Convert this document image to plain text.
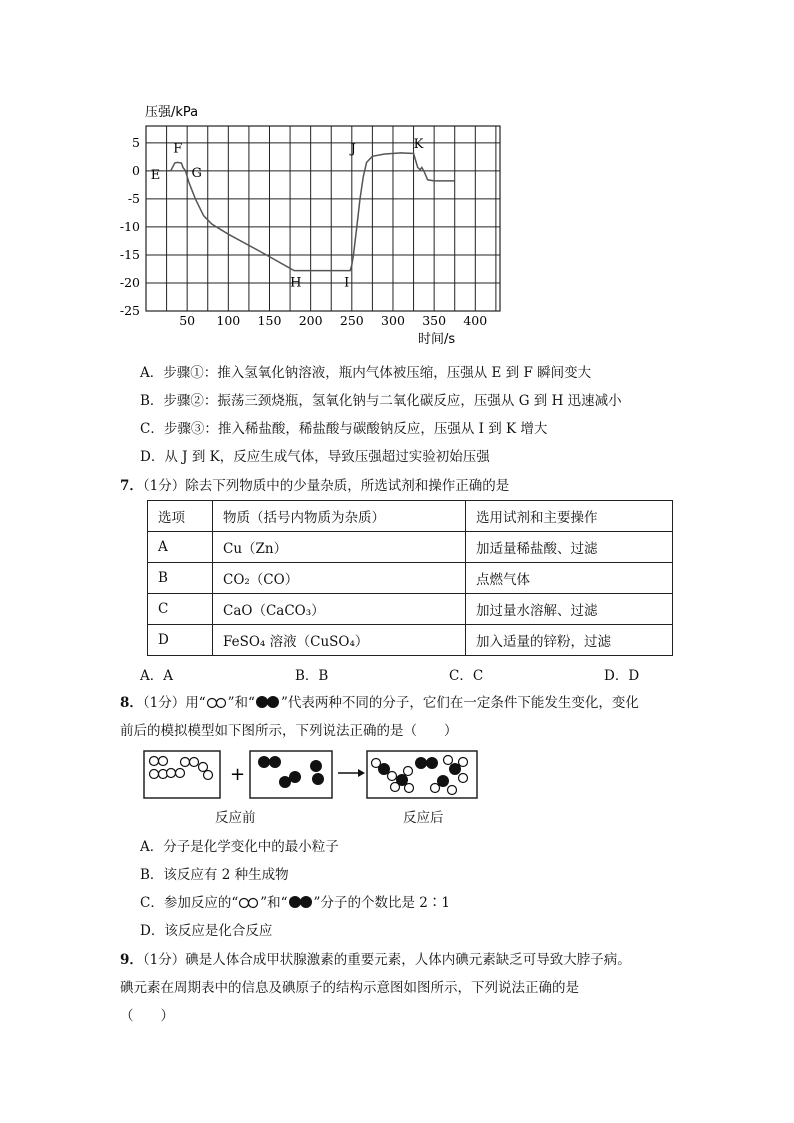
5
0
-5
-10
-15
-20
-25
50 100 150 200 250 300 350 400
E
F
G
H	I
J	K
压强/kPa
时间/s
A．步骤①：推入氢氧化钠溶液，瓶内气体被压缩，压强从 E 到 F 瞬间变大
B．步骤②：振荡三颈烧瓶，氢氧化钠与二氧化碳反应，压强从 G 到 H 迅速减小
C．步骤③：推入稀盐酸，稀盐酸与碳酸钠反应，压强从 I 到 K 增大
D．从 J 到 K，反应生成气体，导致压强超过实验初始压强
7．（1分）除去下列物质中的少量杂质，所选试剂和操作正确的是
选项	物质（括号内物质为杂质）	选用试剂和主要操作
A	Cu（Zn）	加适量稀盐酸、过滤
B	CO₂（CO）	点燃气体
C	CaO（CaCO₃）	加过量水溶解、过滤
D	FeSO₄ 溶液（CuSO₄）	加入适量的锌粉，过滤
A．A	B．B	C．C	D．D
8．（1分）用“ ”和“ ”代表两种不同的分子，它们在一定条件下能发生变化，变化
前后的模拟模型如下图所示，下列说法正确的是（　　）
+
反应前	反应后
A．分子是化学变化中的最小粒子
B．该反应有 2 种生成物
C．参加反应的“ ”和“ ”分子的个数比是 2∶1
D．该反应是化合反应
9．（1分）碘是人体合成甲状腺激素的重要元素，人体内碘元素缺乏可导致大脖子病。
碘元素在周期表中的信息及碘原子的结构示意图如图所示，下列说法正确的是
（　　）
